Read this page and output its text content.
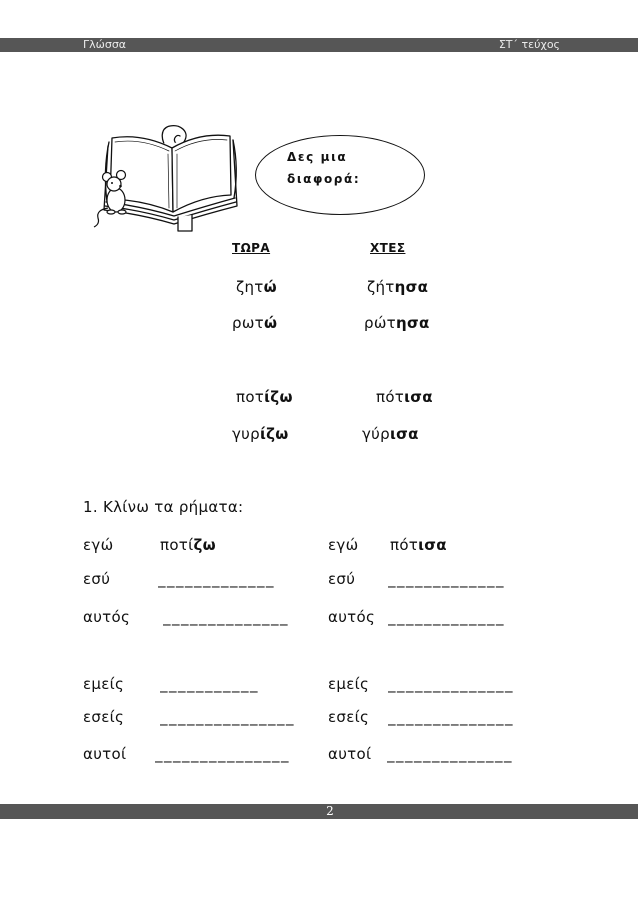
Γλώσσα	ΣΤ΄ τεύχος
Δες μια
διαφορά:
ΤΩΡΑ	ΧΤΕΣ
ζητώ	ζήτησα
ρωτώ	ρώτησα
ποτίζω	πότισα
γυρίζω	γύρισα
1. Κλίνω τα ρήματα:
εγώ	ποτίζω
εσύ	_____________
αυτός ______________
εμείς ___________
εσείς _______________
αυτοί _______________
εγώ πότισα
εσύ _____________
αυτός _____________
εμείς ______________
εσείς ______________
αυτοί ______________
2
